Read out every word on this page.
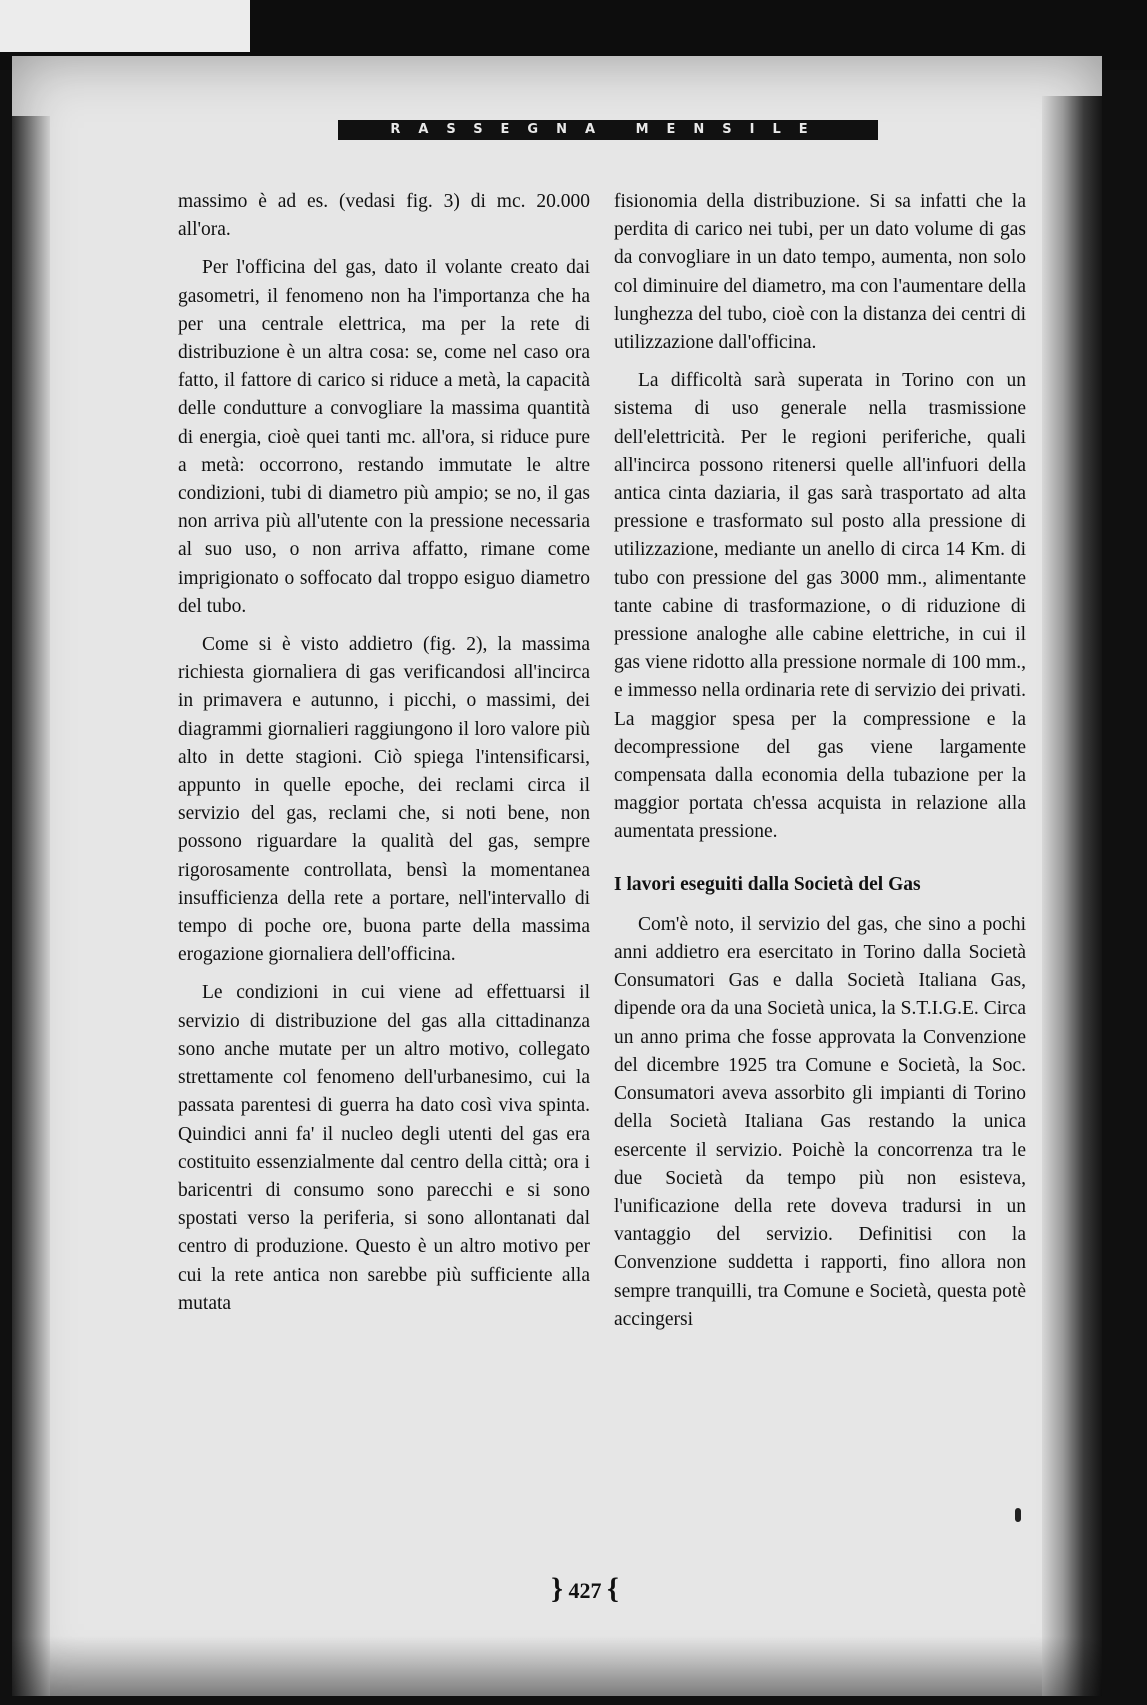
RASSEGNA MENSILE

massimo è ad es. (vedasi fig. 3) di mc. 20.000 all'ora.

Per l'officina del gas, dato il volante creato dai gasometri, il fenomeno non ha l'importanza che ha per una centrale elettrica, ma per la rete di distribuzione è un altra cosa: se, come nel caso ora fatto, il fattore di carico si riduce a metà, la capacità delle condutture a convogliare la massima quantità di energia, cioè quei tanti mc. all'ora, si riduce pure a metà: occorrono, restando immutate le altre condizioni, tubi di diametro più ampio; se no, il gas non arriva più all'utente con la pressione necessaria al suo uso, o non arriva affatto, rimane come imprigionato o soffocato dal troppo esiguo diametro del tubo.

Come si è visto addietro (fig. 2), la massima richiesta giornaliera di gas verificandosi all'incirca in primavera e autunno, i picchi, o massimi, dei diagrammi giornalieri raggiungono il loro valore più alto in dette stagioni. Ciò spiega l'intensificarsi, appunto in quelle epoche, dei reclami circa il servizio del gas, reclami che, si noti bene, non possono riguardare la qualità del gas, sempre rigorosamente controllata, bensì la momentanea insufficienza della rete a portare, nell'intervallo di tempo di poche ore, buona parte della massima erogazione giornaliera dell'officina.

Le condizioni in cui viene ad effettuarsi il servizio di distribuzione del gas alla cittadinanza sono anche mutate per un altro motivo, collegato strettamente col fenomeno dell'urbanesimo, cui la passata parentesi di guerra ha dato così viva spinta. Quindici anni fa' il nucleo degli utenti del gas era costituito essenzialmente dal centro della città; ora i baricentri di consumo sono parecchi e si sono spostati verso la periferia, si sono allontanati dal centro di produzione. Questo è un altro motivo per cui la rete antica non sarebbe più sufficiente alla mutata

fisionomia della distribuzione. Si sa infatti che la perdita di carico nei tubi, per un dato volume di gas da convogliare in un dato tempo, aumenta, non solo col diminuire del diametro, ma con l'aumentare della lunghezza del tubo, cioè con la distanza dei centri di utilizzazione dall'officina.

La difficoltà sarà superata in Torino con un sistema di uso generale nella trasmissione dell'elettricità. Per le regioni periferiche, quali all'incirca possono ritenersi quelle all'infuori della antica cinta daziaria, il gas sarà trasportato ad alta pressione e trasformato sul posto alla pressione di utilizzazione, mediante un anello di circa 14 Km. di tubo con pressione del gas 3000 mm., alimentante tante cabine di trasformazione, o di riduzione di pressione analoghe alle cabine elettriche, in cui il gas viene ridotto alla pressione normale di 100 mm., e immesso nella ordinaria rete di servizio dei privati. La maggior spesa per la compressione e la decompressione del gas viene largamente compensata dalla economia della tubazione per la maggior portata ch'essa acquista in relazione alla aumentata pressione.

I lavori eseguiti dalla Società del Gas

Com'è noto, il servizio del gas, che sino a pochi anni addietro era esercitato in Torino dalla Società Consumatori Gas e dalla Società Italiana Gas, dipende ora da una Società unica, la S.T.I.G.E. Circa un anno prima che fosse approvata la Convenzione del dicembre 1925 tra Comune e Società, la Soc. Consumatori aveva assorbito gli impianti di Torino della Società Italiana Gas restando la unica esercente il servizio. Poichè la concorrenza tra le due Società da tempo più non esisteva, l'unificazione della rete doveva tradursi in un vantaggio del servizio. Definitisi con la Convenzione suddetta i rapporti, fino allora non sempre tranquilli, tra Comune e Società, questa potè accingersi

} 427 {
